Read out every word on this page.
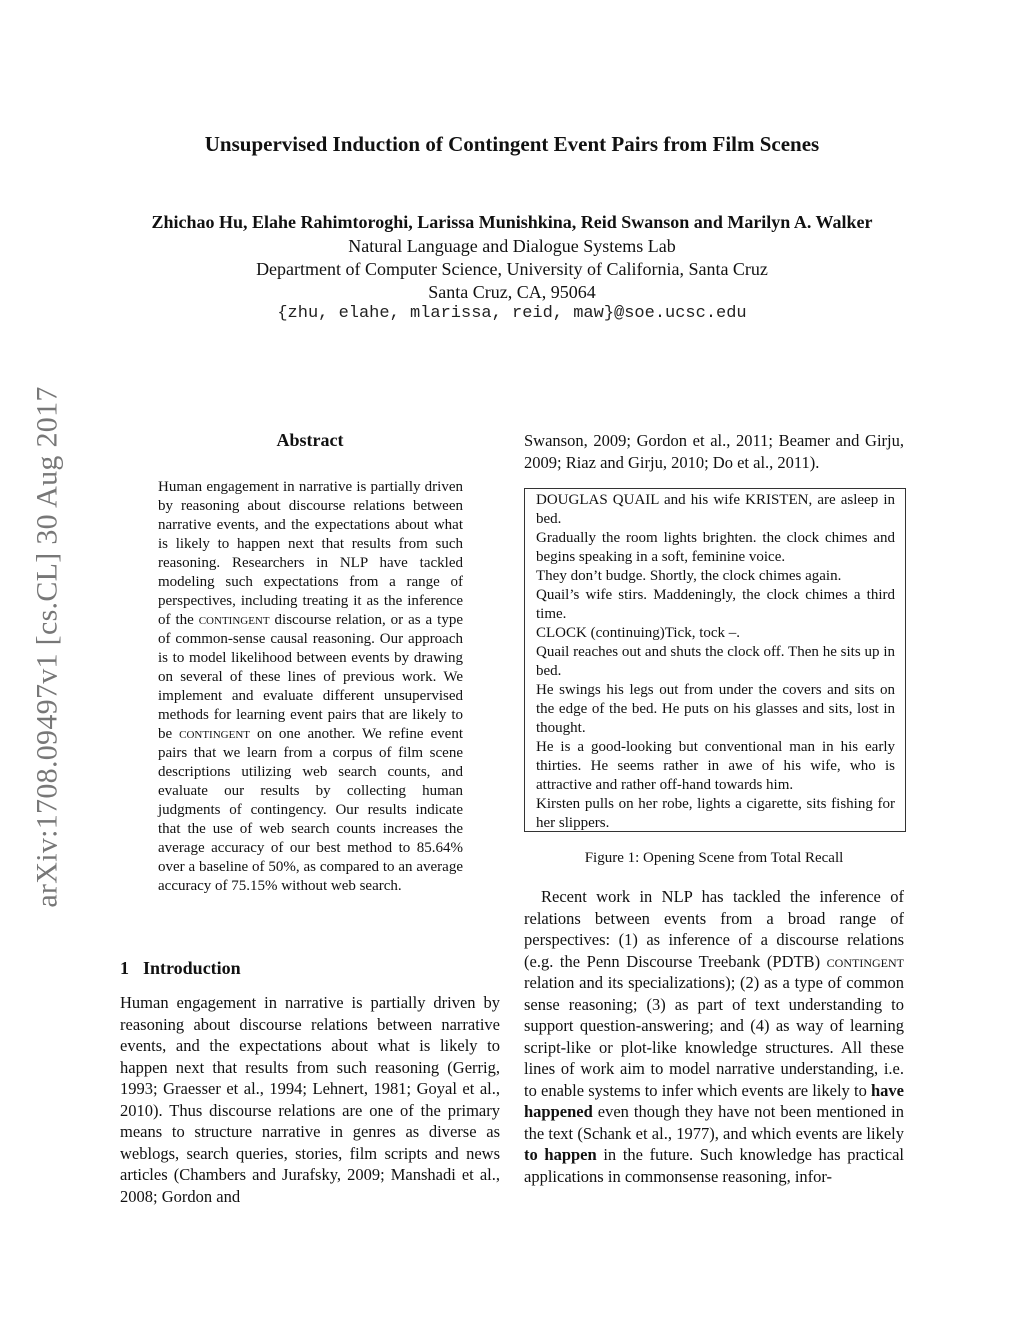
Unsupervised Induction of Contingent Event Pairs from Film Scenes
Zhichao Hu, Elahe Rahimtoroghi, Larissa Munishkina, Reid Swanson and Marilyn A. Walker
Natural Language and Dialogue Systems Lab
Department of Computer Science, University of California, Santa Cruz
Santa Cruz, CA, 95064
{zhu, elahe, mlarissa, reid, maw}@soe.ucsc.edu
arXiv:1708.09497v1 [cs.CL] 30 Aug 2017	Abstract
Human engagement in narrative is partially driven by reasoning about discourse relations between narrative events, and the expectations about what is likely to happen next that results from such reasoning. Researchers in NLP have tackled modeling such expectations from a range of perspectives, including treating it as the inference of the contingent discourse relation, or as a type of common-sense causal reasoning. Our approach is to model likelihood between events by drawing on several of these lines of previous work. We implement and evaluate different unsupervised methods for learning event pairs that are likely to be contingent on one another. We refine event pairs that we learn from a corpus of film scene descriptions utilizing web search counts, and evaluate our results by collecting human judgments of contingency. Our results indicate that the use of web search counts increases the average accuracy of our best method to 85.64% over a baseline of 50%, as compared to an average accuracy of 75.15% without web search.
1 Introduction
Human engagement in narrative is partially driven by reasoning about discourse relations between narrative events, and the expectations about what is likely to happen next that results from such reasoning (Gerrig, 1993; Graesser et al., 1994; Lehnert, 1981; Goyal et al., 2010). Thus discourse relations are one of the primary means to structure narrative in genres as diverse as weblogs, search queries, stories, film scripts and news articles (Chambers and Jurafsky, 2009; Manshadi et al., 2008; Gordon and
Swanson, 2009; Gordon et al., 2011; Beamer and Girju, 2009; Riaz and Girju, 2010; Do et al., 2011).

DOUGLAS QUAIL and his wife KRISTEN, are asleep in bed.

Gradually the room lights brighten. the clock chimes and begins speaking in a soft, feminine voice.

They don’t budge. Shortly, the clock chimes again.

Quail’s wife stirs. Maddeningly, the clock chimes a third time.

CLOCK (continuing)Tick, tock –.

Quail reaches out and shuts the clock off. Then he sits up in bed.

He swings his legs out from under the covers and sits on the edge of the bed. He puts on his glasses and sits, lost in thought.

He is a good-looking but conventional man in his early thirties. He seems rather in awe of his wife, who is attractive and rather off-hand towards him.

Kirsten pulls on her robe, lights a cigarette, sits fishing for her slippers.

Figure 1: Opening Scene from Total Recall
Recent work in NLP has tackled the inference of relations between events from a broad range of perspectives: (1) as inference of a discourse relations (e.g. the Penn Discourse Treebank (PDTB) contingent relation and its specializations); (2) as a type of common sense reasoning; (3) as part of text understanding to support question-answering; and (4) as way of learning script-like or plot-like knowledge structures. All these lines of work aim to model narrative understanding, i.e. to enable systems to infer which events are likely to have happened even though they have not been mentioned in the text (Schank et al., 1977), and which events are likely to happen in the future. Such knowledge has practical applications in commonsense reasoning, infor-
